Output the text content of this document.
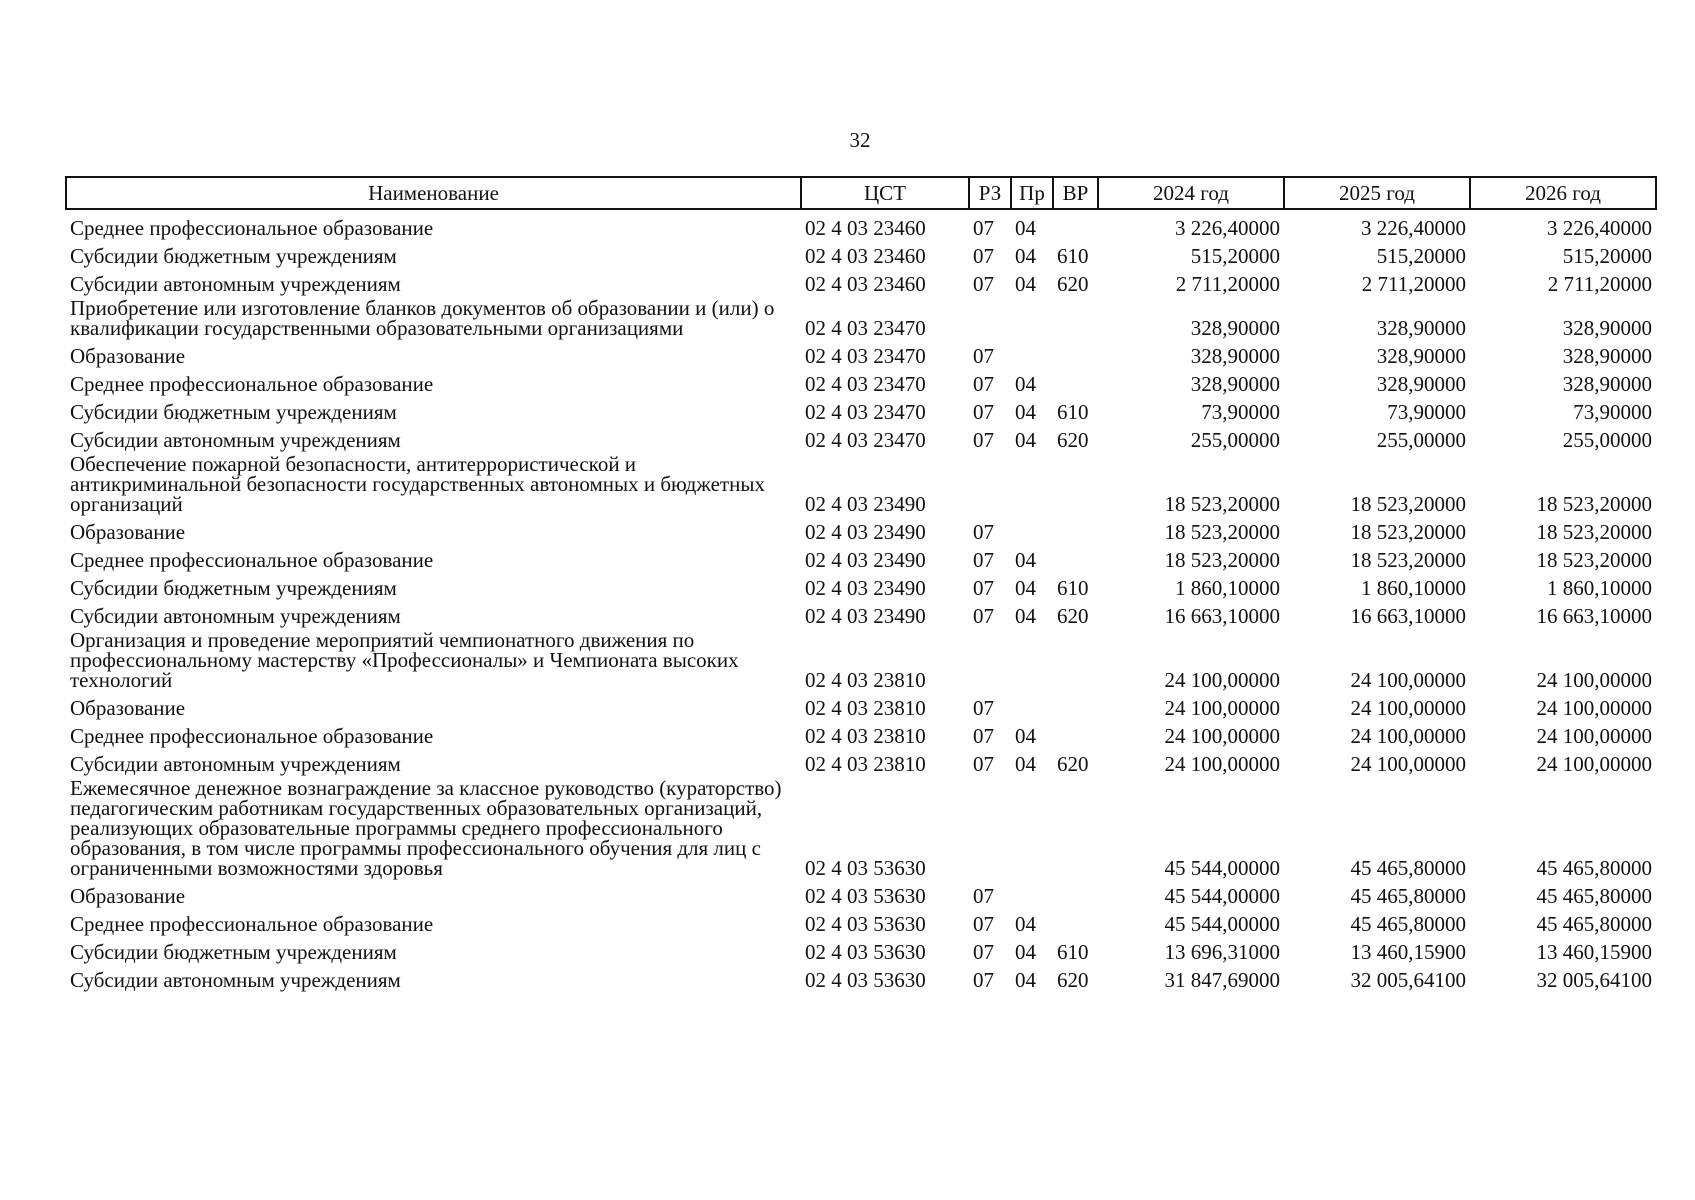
32
Наименование	ЦСТ	РЗ	Пр	ВР	2024 год	2025 год	2026 год
Среднее профессиональное образование	02 4 03 23460	07	04		3 226,40000	3 226,40000	3 226,40000
Субсидии бюджетным учреждениям	02 4 03 23460	07	04	610	515,20000	515,20000	515,20000
Субсидии автономным учреждениям	02 4 03 23460	07	04	620	2 711,20000	2 711,20000	2 711,20000
Приобретение или изготовление бланков документов об образовании и (или) о квалификации государственными образовательными организациями	02 4 03 23470				328,90000	328,90000	328,90000
Образование	02 4 03 23470	07			328,90000	328,90000	328,90000
Среднее профессиональное образование	02 4 03 23470	07	04		328,90000	328,90000	328,90000
Субсидии бюджетным учреждениям	02 4 03 23470	07	04	610	73,90000	73,90000	73,90000
Субсидии автономным учреждениям	02 4 03 23470	07	04	620	255,00000	255,00000	255,00000
Обеспечение пожарной безопасности, антитеррористической и антикриминальной безопасности государственных автономных и бюджетных организаций	02 4 03 23490				18 523,20000	18 523,20000	18 523,20000
Образование	02 4 03 23490	07			18 523,20000	18 523,20000	18 523,20000
Среднее профессиональное образование	02 4 03 23490	07	04		18 523,20000	18 523,20000	18 523,20000
Субсидии бюджетным учреждениям	02 4 03 23490	07	04	610	1 860,10000	1 860,10000	1 860,10000
Субсидии автономным учреждениям	02 4 03 23490	07	04	620	16 663,10000	16 663,10000	16 663,10000
Организация и проведение мероприятий чемпионатного движения по профессиональному мастерству «Профессионалы» и Чемпионата высоких технологий	02 4 03 23810				24 100,00000	24 100,00000	24 100,00000
Образование	02 4 03 23810	07			24 100,00000	24 100,00000	24 100,00000
Среднее профессиональное образование	02 4 03 23810	07	04		24 100,00000	24 100,00000	24 100,00000
Субсидии автономным учреждениям	02 4 03 23810	07	04	620	24 100,00000	24 100,00000	24 100,00000
Ежемесячное денежное вознаграждение за классное руководство (кураторство) педагогическим работникам государственных образовательных организаций, реализующих образовательные программы среднего профессионального образования, в том числе программы профессионального обучения для лиц с ограниченными возможностями здоровья	02 4 03 53630				45 544,00000	45 465,80000	45 465,80000
Образование	02 4 03 53630	07			45 544,00000	45 465,80000	45 465,80000
Среднее профессиональное образование	02 4 03 53630	07	04		45 544,00000	45 465,80000	45 465,80000
Субсидии бюджетным учреждениям	02 4 03 53630	07	04	610	13 696,31000	13 460,15900	13 460,15900
Субсидии автономным учреждениям	02 4 03 53630	07	04	620	31 847,69000	32 005,64100	32 005,64100
